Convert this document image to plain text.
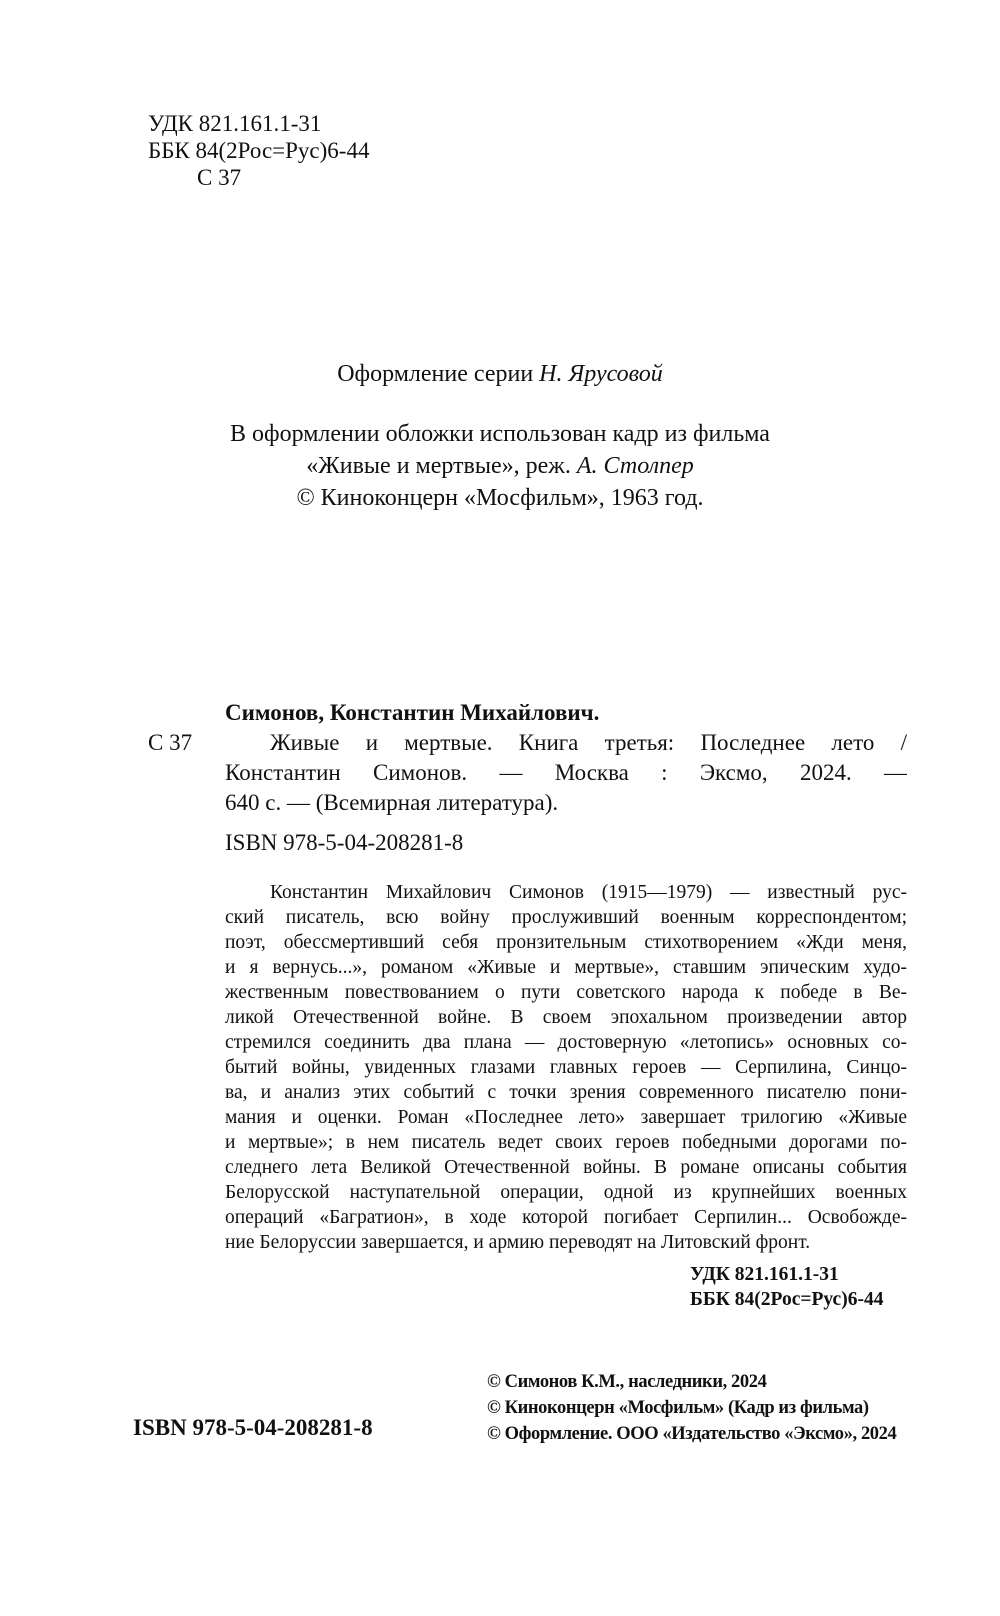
УДК 821.161.1-31
ББК 84(2Рос=Рус)6-44
С 37
Оформление серии Н. Ярусовой
В оформлении обложки использован кадр из фильма
«Живые и мертвые», реж. А. Столпер
© Киноконцерн «Мосфильм», 1963 год.
Симонов, Константин Михайлович.
С 37	Живые и мертвые. Книга третья: Последнее лето /
Константин Симонов. — Москва : Эксмо, 2024. —
640 с. — (Всемирная литература).
ISBN 978-5-04-208281-8
Константин Михайлович Симонов (1915—1979) — известный рус-
ский писатель, всю войну прослуживший военным корреспондентом;
поэт, обессмертивший себя пронзительным стихотворением «Жди меня,
и я вернусь...», романом «Живые и мертвые», ставшим эпическим худо-
жественным повествованием о пути советского народа к победе в Ве-
ликой Отечественной войне. В своем эпохальном произведении автор
стремился соединить два плана — достоверную «летопись» основных со-
бытий войны, увиденных глазами главных героев — Серпилина, Синцо-
ва, и анализ этих событий с точки зрения современного писателю пони-
мания и оценки. Роман «Последнее лето» завершает трилогию «Живые
и мертвые»; в нем писатель ведет своих героев победными дорогами по-
следнего лета Великой Отечественной войны. В романе описаны события
Белорусской наступательной операции, одной из крупнейших военных
операций «Багратион», в ходе которой погибает Серпилин... Освобожде-
ние Белоруссии завершается, и армию переводят на Литовский фронт.
УДК 821.161.1-31
ББК 84(2Рос=Рус)6-44
ISBN 978-5-04-208281-8
© Симонов К.М., наследники, 2024
© Киноконцерн «Мосфильм» (Кадр из фильма)
© Оформление. ООО «Издательство «Эксмо», 2024
